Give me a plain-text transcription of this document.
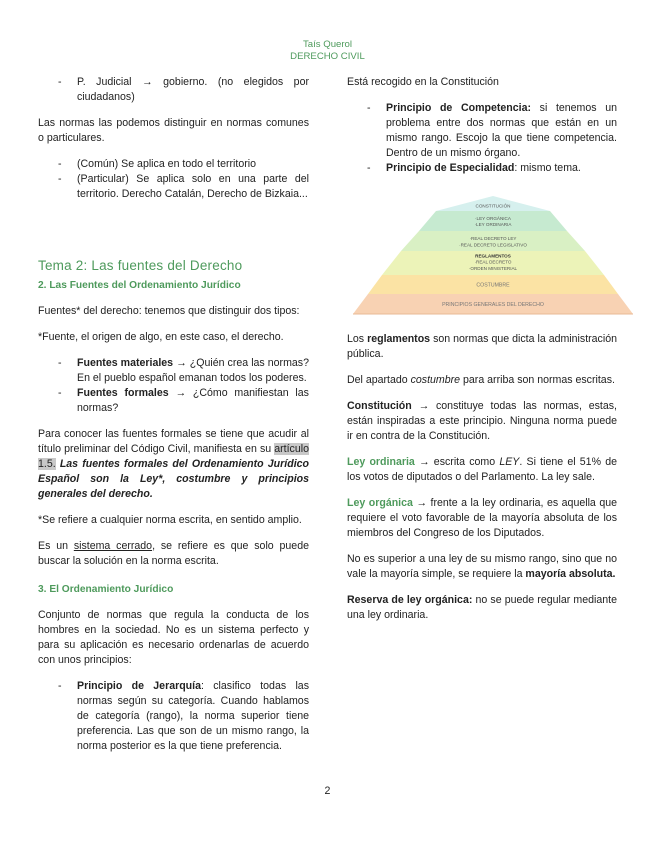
Taís Querol
DERECHO CIVIL
- P. Judicial → gobierno. (no elegidos por ciudadanos)

Las normas las podemos distinguir en normas comunes o particulares.

- (Común) Se aplica en todo el territorio
- (Particular) Se aplica solo en una parte del territorio. Derecho Catalán, Derecho de Bizkaia...
Tema 2: Las fuentes del Derecho
2. Las Fuentes del Ordenamiento Jurídico

Fuentes* del derecho: tenemos que distinguir dos tipos:

*Fuente, el origen de algo, en este caso, el derecho.

- Fuentes materiales → ¿Quién crea las normas? En el pueblo español emanan todos los poderes.
- Fuentes formales → ¿Cómo manifiestan las normas?

Para conocer las fuentes formales se tiene que acudir al título preliminar del Código Civil, manifiesta en su artículo 1.5. Las fuentes formales del Ordenamiento Jurídico Español son la Ley*, costumbre y principios generales del derecho.

*Se refiere a cualquier norma escrita, en sentido amplio.

Es un sistema cerrado, se refiere es que solo puede buscar la solución en la norma escrita.

3. El Ordenamiento Jurídico

Conjunto de normas que regula la conducta de los hombres en la sociedad. No es un sistema perfecto y para su aplicación es necesario ordenarlas de acuerdo con unos principios:

- Principio de Jerarquía: clasifico todas las normas según su categoría. Cuando hablamos de categoría (rango), la norma superior tiene preferencia. Las que son de un mismo rango, la norma posterior es la que tiene preferencia.

Está recogido en la Constitución

- Principio de Competencia: si tenemos un problema entre dos normas que están en un mismo rango. Escojo la que tiene competencia. Dentro de un mismo órgano.
- Principio de Especialidad: mismo tema.
CONSTITUCIÓN
·LEY ORGÁNICA
·LEY ORDINARIA
·REAL DECRETO LEY
·REAL DECRETO LEGISLATIVO
REGLAMENTOS
·REAL DECRETO
·ORDEN MINISTERIAL
COSTUMBRE
PRINCIPIOS GENERALES DEL DERECHO

Los reglamentos son normas que dicta la administración pública.

Del apartado costumbre para arriba son normas escritas.

Constitución → constituye todas las normas, estas, están inspiradas a este principio. Ninguna norma puede ir en contra de la Constitución.

Ley ordinaria → escrita como LEY. Si tiene el 51% de los votos de diputados o del Parlamento. La ley sale.

Ley orgánica → frente a la ley ordinaria, es aquella que requiere el voto favorable de la mayoría absoluta de los miembros del Congreso de los Diputados.

No es superior a una ley de su mismo rango, sino que no vale la mayoría simple, se requiere la mayoría absoluta.

Reserva de ley orgánica: no se puede regular mediante una ley ordinaria.

2
